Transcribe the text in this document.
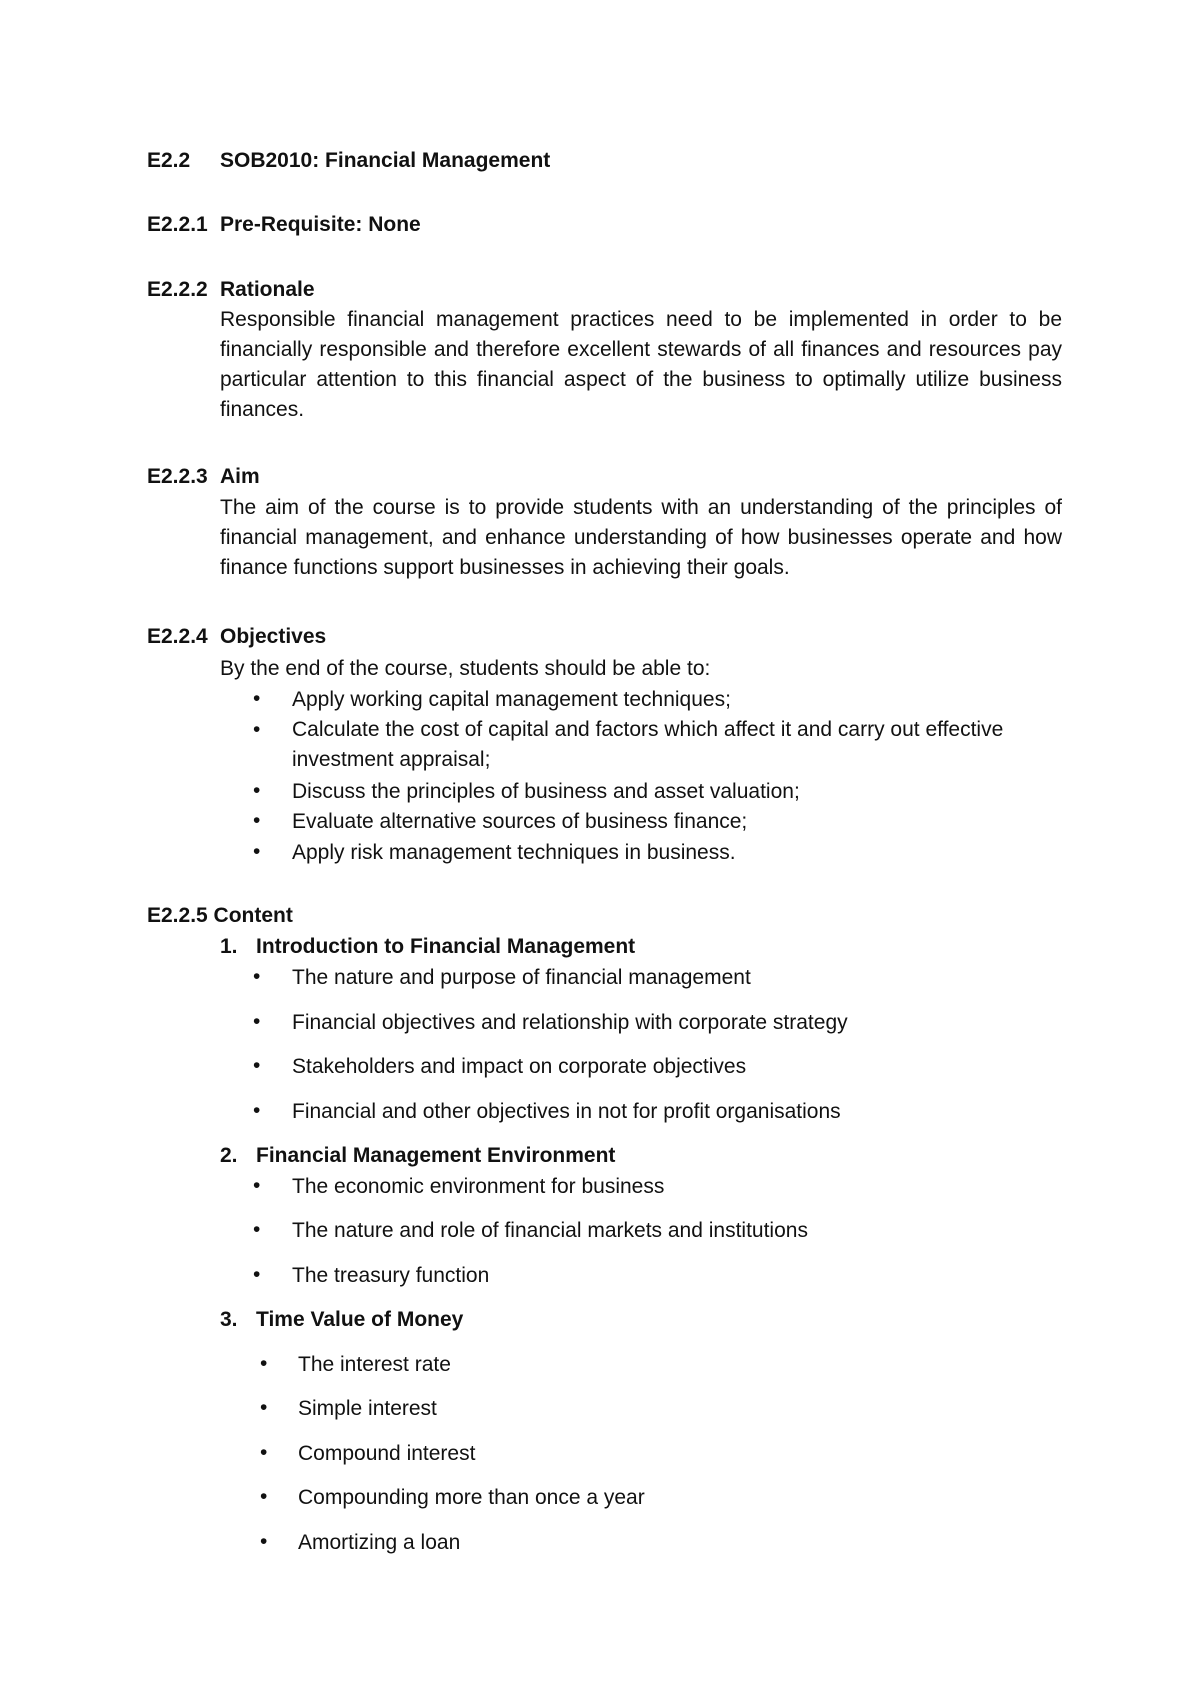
E2.2 SOB2010: Financial Management
E2.2.1 Pre-Requisite: None
E2.2.2 Rationale

Responsible financial management practices need to be implemented in order to be financially responsible and therefore excellent stewards of all finances and resources pay particular attention to this financial aspect of the business to optimally utilize business finances.

E2.2.3 Aim

The aim of the course is to provide students with an understanding of the principles of financial management, and enhance understanding of how businesses operate and how finance functions support businesses in achieving their goals.

E2.2.4 Objectives
By the end of the course, students should be able to:
• Apply working capital management techniques;
• Calculate the cost of capital and factors which affect it and carry out effective investment appraisal;
• Discuss the principles of business and asset valuation;
• Evaluate alternative sources of business finance;
• Apply risk management techniques in business.
E2.2.5 Content
1. Introduction to Financial Management
• The nature and purpose of financial management
• Financial objectives and relationship with corporate strategy
• Stakeholders and impact on corporate objectives
• Financial and other objectives in not for profit organisations
2. Financial Management Environment
• The economic environment for business
• The nature and role of financial markets and institutions
• The treasury function
3. Time Value of Money
• The interest rate
• Simple interest
• Compound interest
• Compounding more than once a year
• Amortizing a loan
